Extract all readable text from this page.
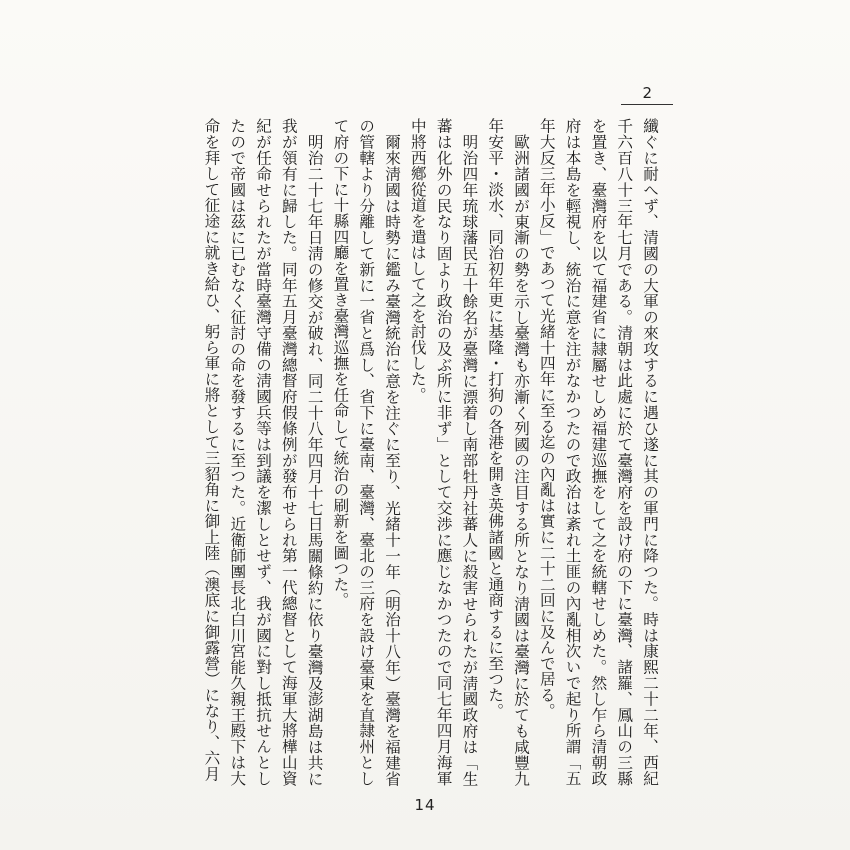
2

纖ぐに耐へず、清國の大軍の來攻するに遇ひ遂に其の軍門に降つた。時は康熙二十二年、西紀千六百八十三年七月である。清朝は此處に於て臺灣府を設け府の下に臺灣、諸羅、鳳山の三縣を置き、臺灣府を以て福建省に隷屬せしめ福建巡撫をして之を統轄せしめた。然し乍ら清朝政府は本島を輕視し、統治に意を注がなかつたので政治は紊れ土匪の內亂相次いで起り所謂「五年大反三年小反」であつて光緒十四年に至る迄の內亂は實に二十二回に及んで居る。

歐洲諸國が東漸の勢を示し臺灣も亦漸く列國の注目する所となり淸國は臺灣に於ても咸豐九年安平・淡水、同治初年更に基隆・打狗の各港を開き英佛諸國と通商するに至つた。

明治四年琉球藩民五十餘名が臺灣に漂着し南部牡丹社蕃人に殺害せられたが淸國政府は「生蕃は化外の民なり固より政治の及ぶ所に非ず」として交渉に應じなかつたので同七年四月海軍中將西鄕從道を遣はして之を討伐した。

爾來淸國は時勢に鑑み臺灣統治に意を注ぐに至り、光緒十一年（明治十八年）臺灣を福建省の管轄より分離して新に一省と爲し、省下に臺南、臺灣、臺北の三府を設け臺東を直隷州として府の下に十縣四廳を置き臺灣巡撫を任命して統治の刷新を圖つた。

明治二十七年日淸の修交が破れ、同二十八年四月十七日馬關條約に依り臺灣及澎湖島は共に我が領有に歸した。同年五月臺灣總督府假條例が發布せられ第一代總督として海軍大將樺山資紀が任命せられたが當時臺灣守備の淸國兵等は到議を潔しとせず、我が國に對し抵抗せんとしたので帝國は茲に已むなく征討の命を發するに至つた。近衛師團長北白川宮能久親王殿下は大命を拜して征途に就き給ひ、躬ら軍に將として三貂角に御上陸（澳底に御露營）になり、六月

14
